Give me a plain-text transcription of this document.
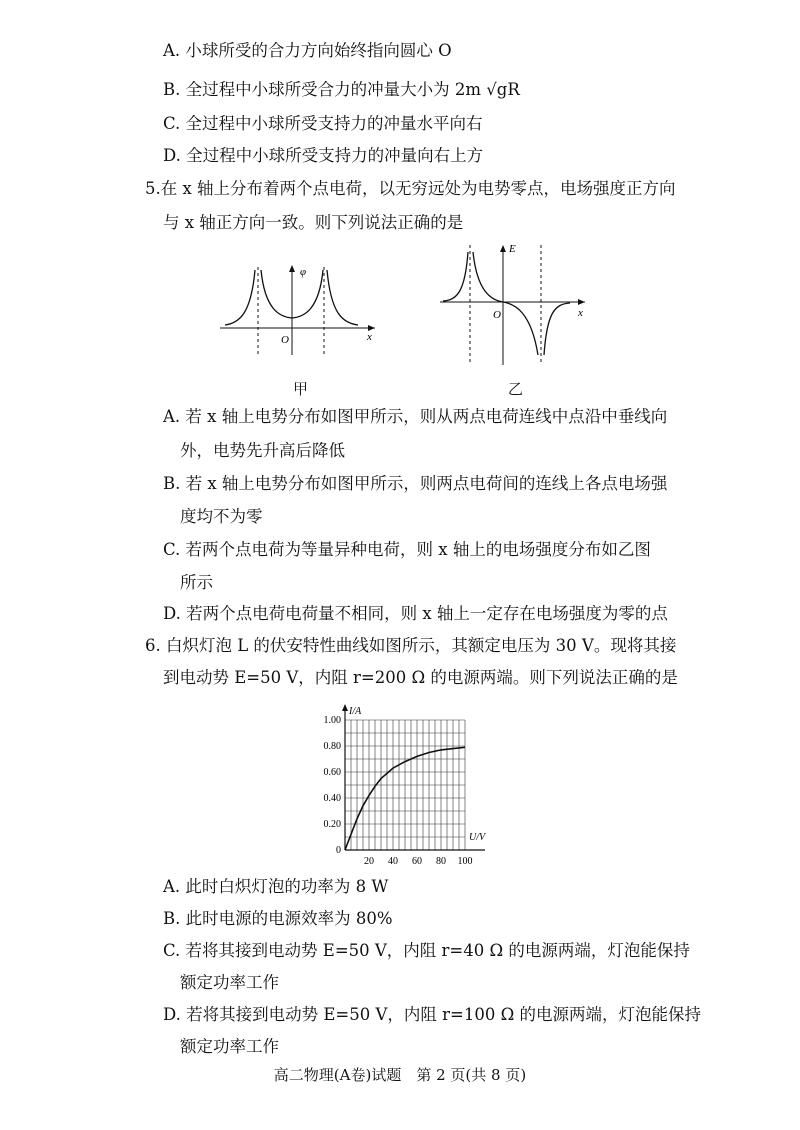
A. 小球所受的合力方向始终指向圆心 O
B. 全过程中小球所受合力的冲量大小为 2m √gR
C. 全过程中小球所受支持力的冲量水平向右
D. 全过程中小球所受支持力的冲量向右上方
5.在 x 轴上分布着两个点电荷，以无穷远处为电势零点，电场强度正方向
与 x 轴正方向一致。则下列说法正确的是
φ
x
O
甲
E
x
O
乙
A. 若 x 轴上电势分布如图甲所示，则从两点电荷连线中点沿中垂线向
外，电势先升高后降低
B. 若 x 轴上电势分布如图甲所示，则两点电荷间的连线上各点电场强
度均不为零
C. 若两个点电荷为等量异种电荷，则 x 轴上的电场强度分布如乙图
所示
D. 若两个点电荷电荷量不相同，则 x 轴上一定存在电场强度为零的点
6. 白炽灯泡 L 的伏安特性曲线如图所示，其额定电压为 30 V。现将其接
到电动势 E=50 V，内阻 r=200 Ω 的电源两端。则下列说法正确的是
20 40 60 80 100
0.20
0.40
0.60
0.80
1.00
0
I/A
U/V
A. 此时白炽灯泡的功率为 8 W
B. 此时电源的电源效率为 80%
C. 若将其接到电动势 E=50 V，内阻 r=40 Ω 的电源两端，灯泡能保持
额定功率工作
D. 若将其接到电动势 E=50 V，内阻 r=100 Ω 的电源两端，灯泡能保持
额定功率工作
高二物理(A卷)试题　第 2 页(共 8 页)
